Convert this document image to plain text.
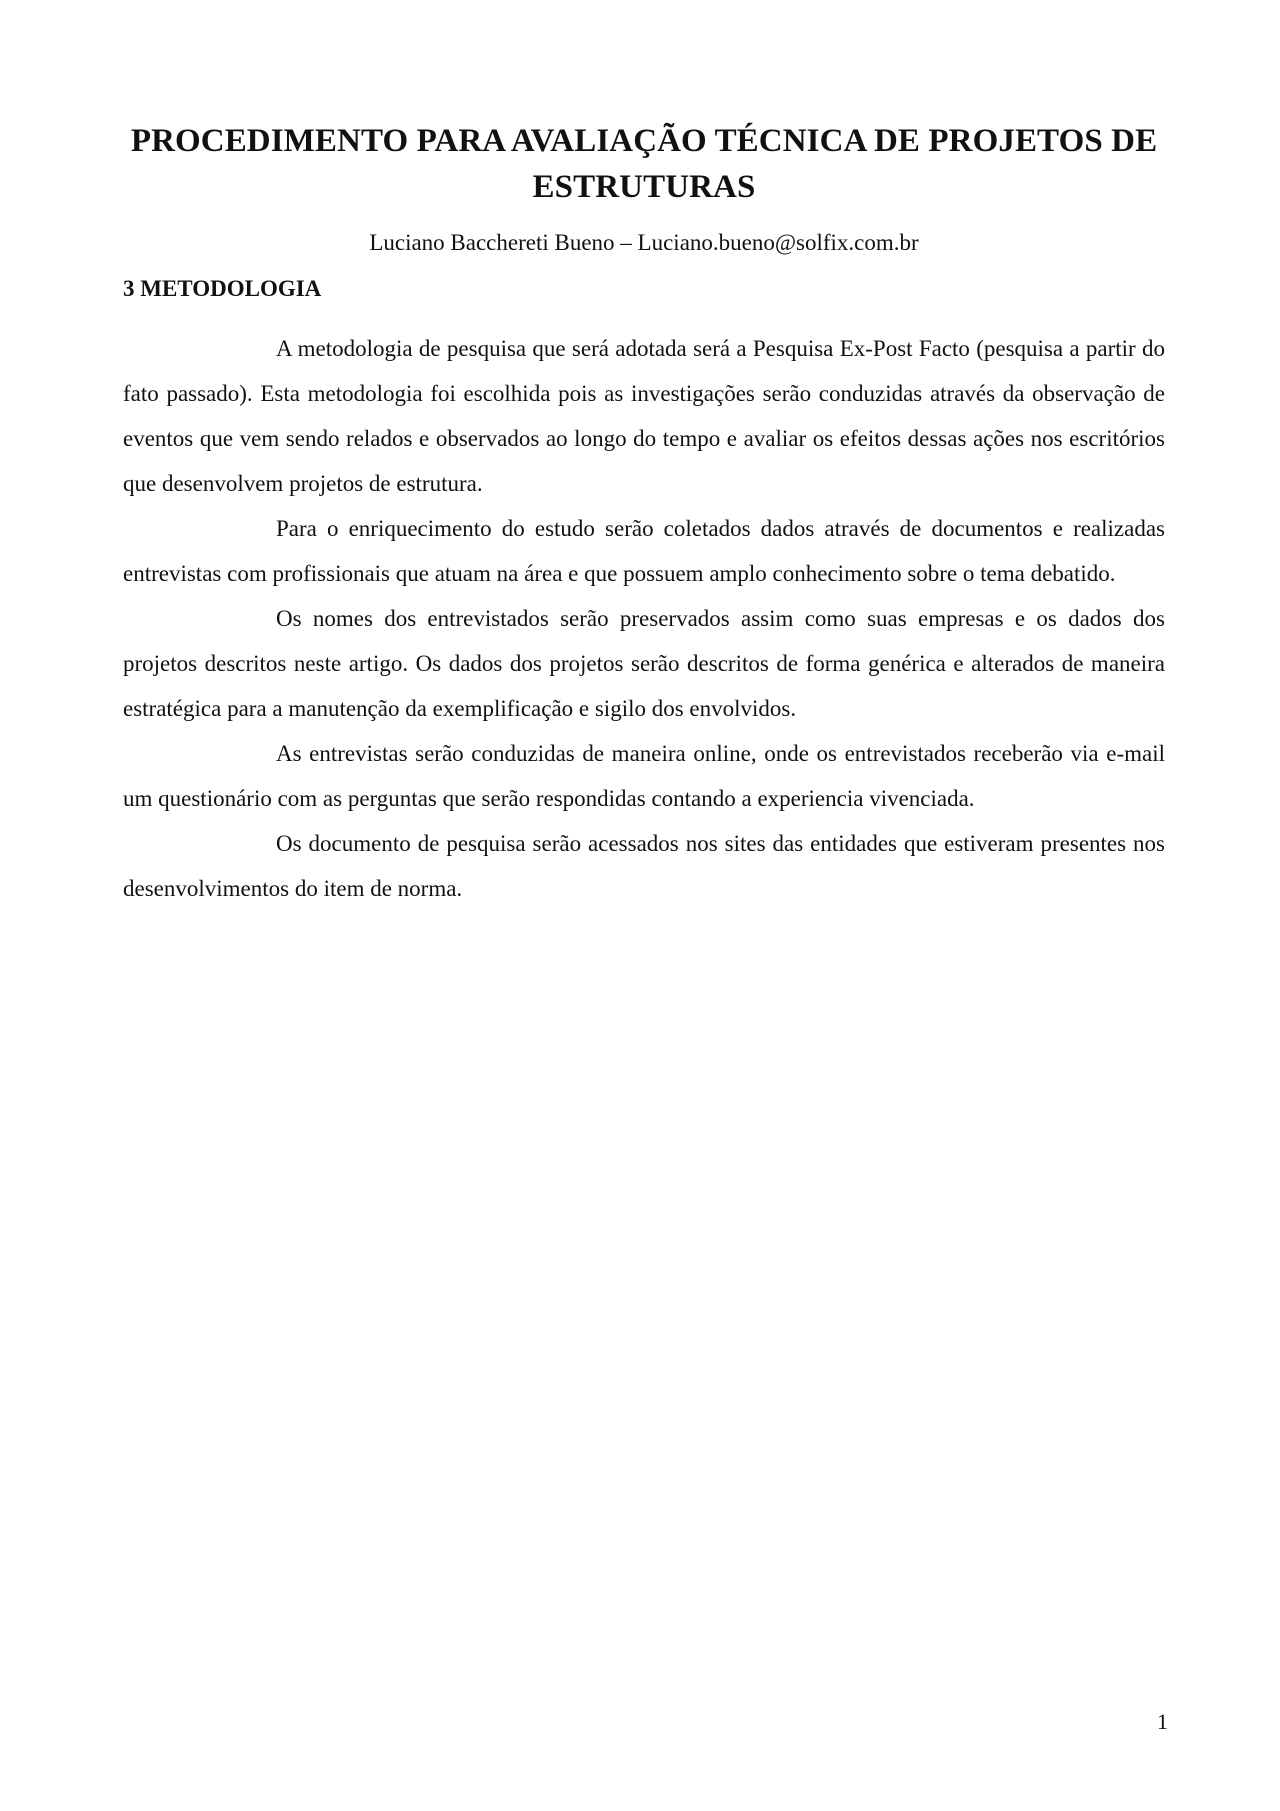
PROCEDIMENTO PARA AVALIAÇÃO TÉCNICA DE PROJETOS DE ESTRUTURAS

Luciano Bacchereti Bueno – Luciano.bueno@solfix.com.br

3 METODOLOGIA

A metodologia de pesquisa que será adotada será a Pesquisa Ex-Post Facto (pesquisa a partir do fato passado). Esta metodologia foi escolhida pois as investigações serão conduzidas através da observação de eventos que vem sendo relados e observados ao longo do tempo e avaliar os efeitos dessas ações nos escritórios que desenvolvem projetos de estrutura.

Para o enriquecimento do estudo serão coletados dados através de documentos e realizadas entrevistas com profissionais que atuam na área e que possuem amplo conhecimento sobre o tema debatido.

Os nomes dos entrevistados serão preservados assim como suas empresas e os dados dos projetos descritos neste artigo. Os dados dos projetos serão descritos de forma genérica e alterados de maneira estratégica para a manutenção da exemplificação e sigilo dos envolvidos.

As entrevistas serão conduzidas de maneira online, onde os entrevistados receberão via e-mail um questionário com as perguntas que serão respondidas contando a experiencia vivenciada.

Os documento de pesquisa serão acessados nos sites das entidades que estiveram presentes nos desenvolvimentos do item de norma.

1
